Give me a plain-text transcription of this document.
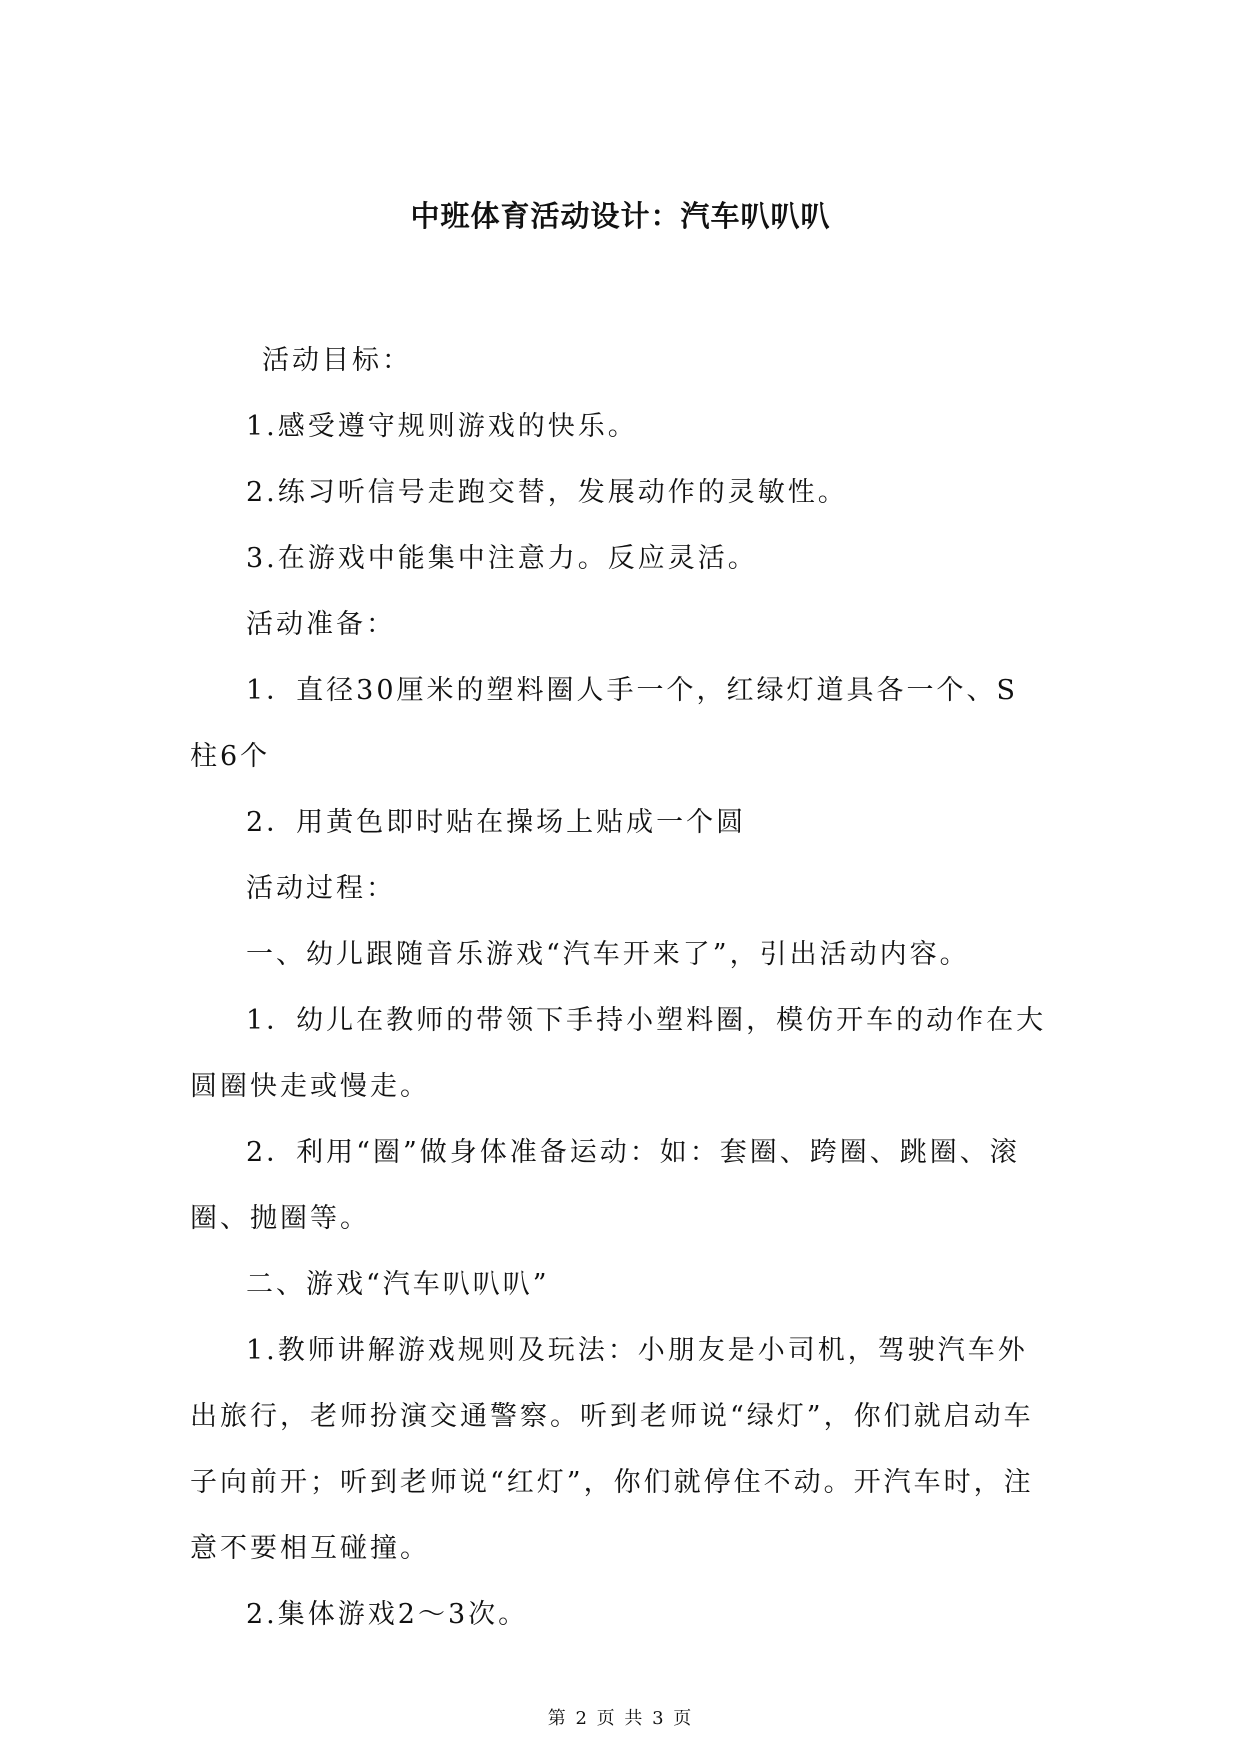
中班体育活动设计：汽车叭叭叭

活动目标：

1.感受遵守规则游戏的快乐。

2.练习听信号走跑交替，发展动作的灵敏性。

3.在游戏中能集中注意力。反应灵活。

活动准备：

1．直径30厘米的塑料圈人手一个，红绿灯道具各一个、S柱6个

2．用黄色即时贴在操场上贴成一个圆

活动过程：

一、幼儿跟随音乐游戏“汽车开来了”，引出活动内容。

1．幼儿在教师的带领下手持小塑料圈，模仿开车的动作在大圆圈快走或慢走。

2．利用“圈”做身体准备运动：如：套圈、跨圈、跳圈、滚圈、抛圈等。

二、游戏“汽车叭叭叭”

1.教师讲解游戏规则及玩法：小朋友是小司机，驾驶汽车外出旅行，老师扮演交通警察。听到老师说“绿灯”，你们就启动车子向前开；听到老师说“红灯”，你们就停住不动。开汽车时，注意不要相互碰撞。

2.集体游戏2～3次。

第 2 页 共 3 页
